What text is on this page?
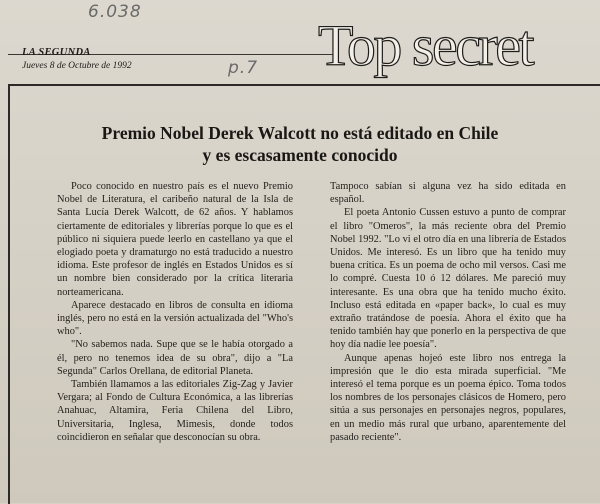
6.038
p.7
LA SEGUNDA
Jueves 8 de Octubre de 1992	Top secret
Premio Nobel Derek Walcott no está editado en Chile
y es escasamente conocido

Poco conocido en nuestro país es el nuevo Premio Nobel de Literatura, el caribeño natural de la Isla de Santa Lucía Derek Walcott, de 62 años. Y hablamos ciertamente de editoriales y librerías porque lo que es el público ni siquiera puede leerlo en castellano ya que el elogiado poeta y dramaturgo no está traducido a nuestro idioma. Este profesor de inglés en Estados Unidos es sí un nombre bien considerado por la crítica literaria norteamericana.

Aparece destacado en libros de consulta en idioma inglés, pero no está en la versión actualizada del "Who's who".

"No sabemos nada. Supe que se le había otorgado a él, pero no tenemos idea de su obra", dijo a "La Segunda" Carlos Orellana, de editorial Planeta.

También llamamos a las editoriales Zig-Zag y Javier Vergara; al Fondo de Cultura Económica, a las librerías Anahuac, Altamira, Feria Chilena del Libro, Universitaria, Inglesa, Mimesis, donde todos coincidieron en señalar que desconocían su obra.

Tampoco sabían si alguna vez ha sido editada en español.

El poeta Antonio Cussen estuvo a punto de comprar el libro "Omeros", la más reciente obra del Premio Nobel 1992. "Lo vi el otro día en una librería de Estados Unidos. Me interesó. Es un libro que ha tenido muy buena crítica. Es un poema de ocho mil versos. Casi me lo compré. Cuesta 10 ó 12 dólares. Me pareció muy interesante. Es una obra que ha tenido mucho éxito. Incluso está editada en «paper back», lo cual es muy extraño tratándose de poesía. Ahora el éxito que ha tenido también hay que ponerlo en la perspectiva de que hoy día nadie lee poesía".

Aunque apenas hojeó este libro nos entrega la impresión que le dio esta mirada superficial. "Me interesó el tema porque es un poema épico. Toma todos los nombres de los personajes clásicos de Homero, pero sitúa a sus personajes en personajes negros, populares, en un medio más rural que urbano, aparentemente del pasado reciente".
